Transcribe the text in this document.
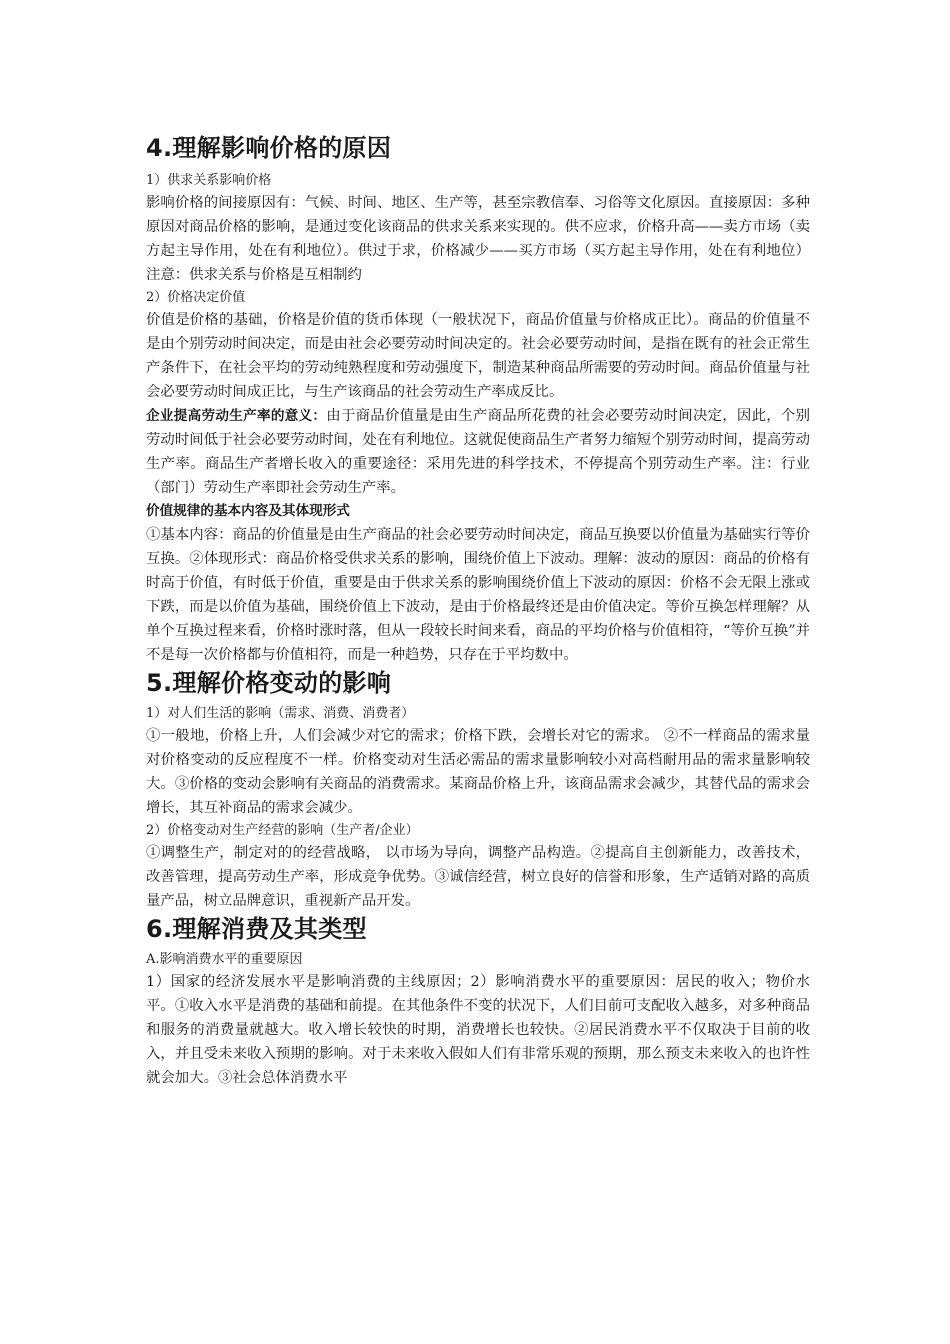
4.理解影响价格的原因

1）供求关系影响价格

影响价格的间接原因有：气候、时间、地区、生产等，甚至宗教信奉、习俗等文化原因。直接原因：多种原因对商品价格的影响，是通过变化该商品的供求关系来实现的。供不应求，价格升高——卖方市场（卖方起主导作用，处在有利地位）。供过于求，价格减少——买方市场（买方起主导作用，处在有利地位）注意：供求关系与价格是互相制约

2）价格决定价值

价值是价格的基础，价格是价值的货币体现（一般状况下，商品价值量与价格成正比）。商品的价值量不是由个别劳动时间决定，而是由社会必要劳动时间决定的。社会必要劳动时间，是指在既有的社会正常生产条件下，在社会平均的劳动纯熟程度和劳动强度下，制造某种商品所需要的劳动时间。商品价值量与社会必要劳动时间成正比，与生产该商品的社会劳动生产率成反比。

企业提高劳动生产率的意义：由于商品价值量是由生产商品所花费的社会必要劳动时间决定，因此，个别劳动时间低于社会必要劳动时间，处在有利地位。这就促使商品生产者努力缩短个别劳动时间，提高劳动生产率。商品生产者增长收入的重要途径：采用先进的科学技术，不停提高个别劳动生产率。注：行业（部门）劳动生产率即社会劳动生产率。

价值规律的基本内容及其体现形式

①基本内容：商品的价值量是由生产商品的社会必要劳动时间决定，商品互换要以价值量为基础实行等价互换。②体现形式：商品价格受供求关系的影响，围绕价值上下波动。理解：波动的原因：商品的价格有时高于价值，有时低于价值，重要是由于供求关系的影响围绕价值上下波动的原因：价格不会无限上涨或下跌，而是以价值为基础，围绕价值上下波动，是由于价格最终还是由价值决定。等价互换怎样理解？从单个互换过程来看，价格时涨时落，但从一段较长时间来看，商品的平均价格与价值相符，“等价互换”并不是每一次价格都与价值相符，而是一种趋势，只存在于平均数中。

5.理解价格变动的影响

1）对人们生活的影响（需求、消费、消费者）

①一般地，价格上升，人们会减少对它的需求；价格下跌，会增长对它的需求。 ②不一样商品的需求量对价格变动的反应程度不一样。价格变动对生活必需品的需求量影响较小对高档耐用品的需求量影响较大。③价格的变动会影响有关商品的消费需求。某商品价格上升，该商品需求会减少，其替代品的需求会增长，其互补商品的需求会减少。

2）价格变动对生产经营的影响（生产者/企业）

①调整生产，制定对的的经营战略， 以市场为导向，调整产品构造。②提高自主创新能力，改善技术，改善管理，提高劳动生产率，形成竞争优势。③诚信经营，树立良好的信誉和形象，生产适销对路的高质量产品，树立品牌意识，重视新产品开发。

6.理解消费及其类型

A.影响消费水平的重要原因

1）国家的经济发展水平是影响消费的主线原因；2）影响消费水平的重要原因：居民的收入；物价水平。①收入水平是消费的基础和前提。在其他条件不变的状况下，人们目前可支配收入越多，对多种商品和服务的消费量就越大。收入增长较快的时期，消费增长也较快。②居民消费水平不仅取决于目前的收入，并且受未来收入预期的影响。对于未来收入假如人们有非常乐观的预期，那么预支未来收入的也许性就会加大。③社会总体消费水平
